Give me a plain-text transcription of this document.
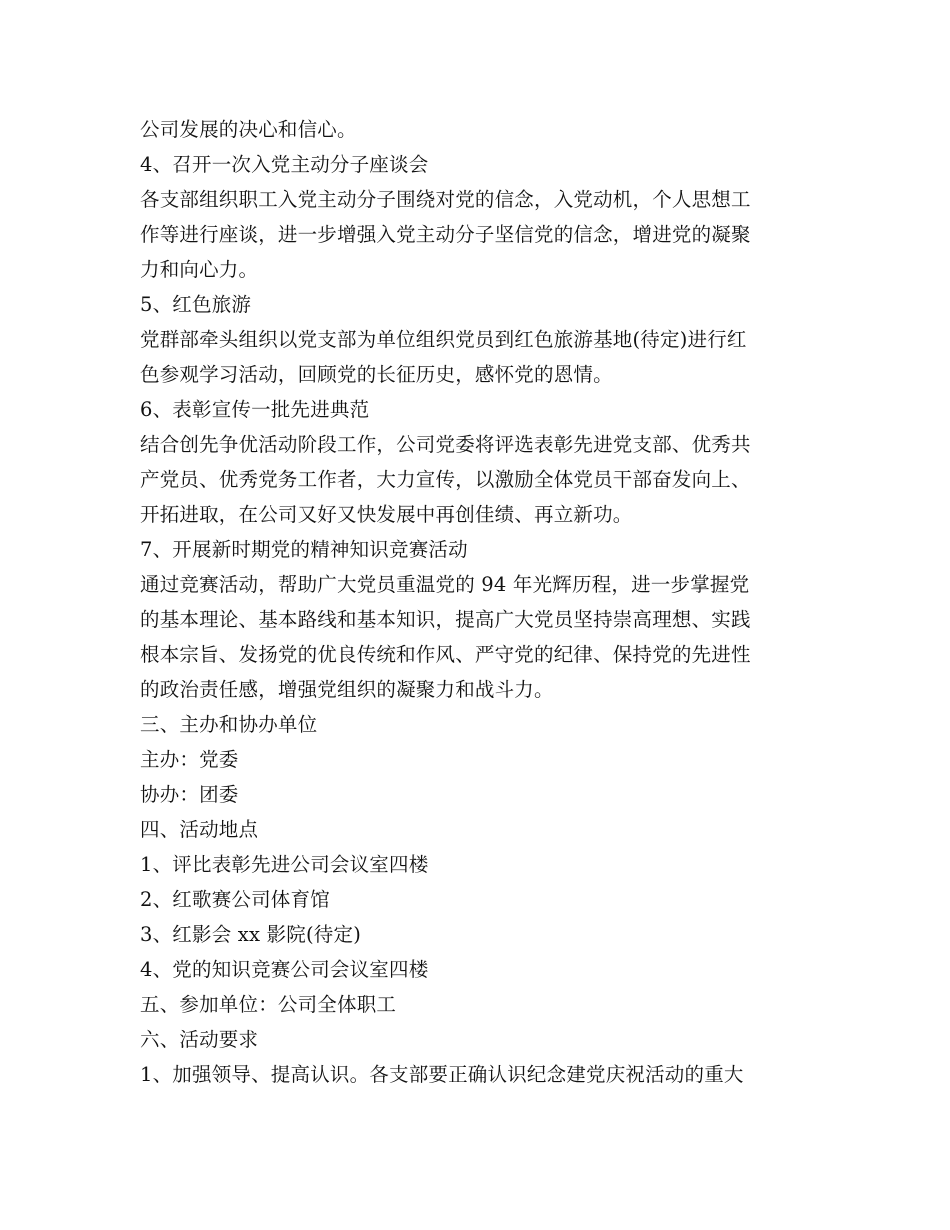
公司发展的决心和信心。
4、召开一次入党主动分子座谈会
各支部组织职工入党主动分子围绕对党的信念，入党动机，个人思想工
作等进行座谈，进一步增强入党主动分子坚信党的信念，增进党的凝聚
力和向心力。
5、红色旅游
党群部牵头组织以党支部为单位组织党员到红色旅游基地(待定)进行红
色参观学习活动，回顾党的长征历史，感怀党的恩情。
6、表彰宣传一批先进典范
结合创先争优活动阶段工作，公司党委将评选表彰先进党支部、优秀共
产党员、优秀党务工作者，大力宣传，以激励全体党员干部奋发向上、
开拓进取，在公司又好又快发展中再创佳绩、再立新功。
7、开展新时期党的精神知识竞赛活动
通过竞赛活动，帮助广大党员重温党的 94 年光辉历程，进一步掌握党
的基本理论、基本路线和基本知识，提高广大党员坚持崇高理想、实践
根本宗旨、发扬党的优良传统和作风、严守党的纪律、保持党的先进性
的政治责任感，增强党组织的凝聚力和战斗力。
三、主办和协办单位
主办：党委
协办：团委
四、活动地点
1、评比表彰先进公司会议室四楼
2、红歌赛公司体育馆
3、红影会 xx 影院(待定)
4、党的知识竞赛公司会议室四楼
五、参加单位：公司全体职工
六、活动要求
1、加强领导、提高认识。各支部要正确认识纪念建党庆祝活动的重大
